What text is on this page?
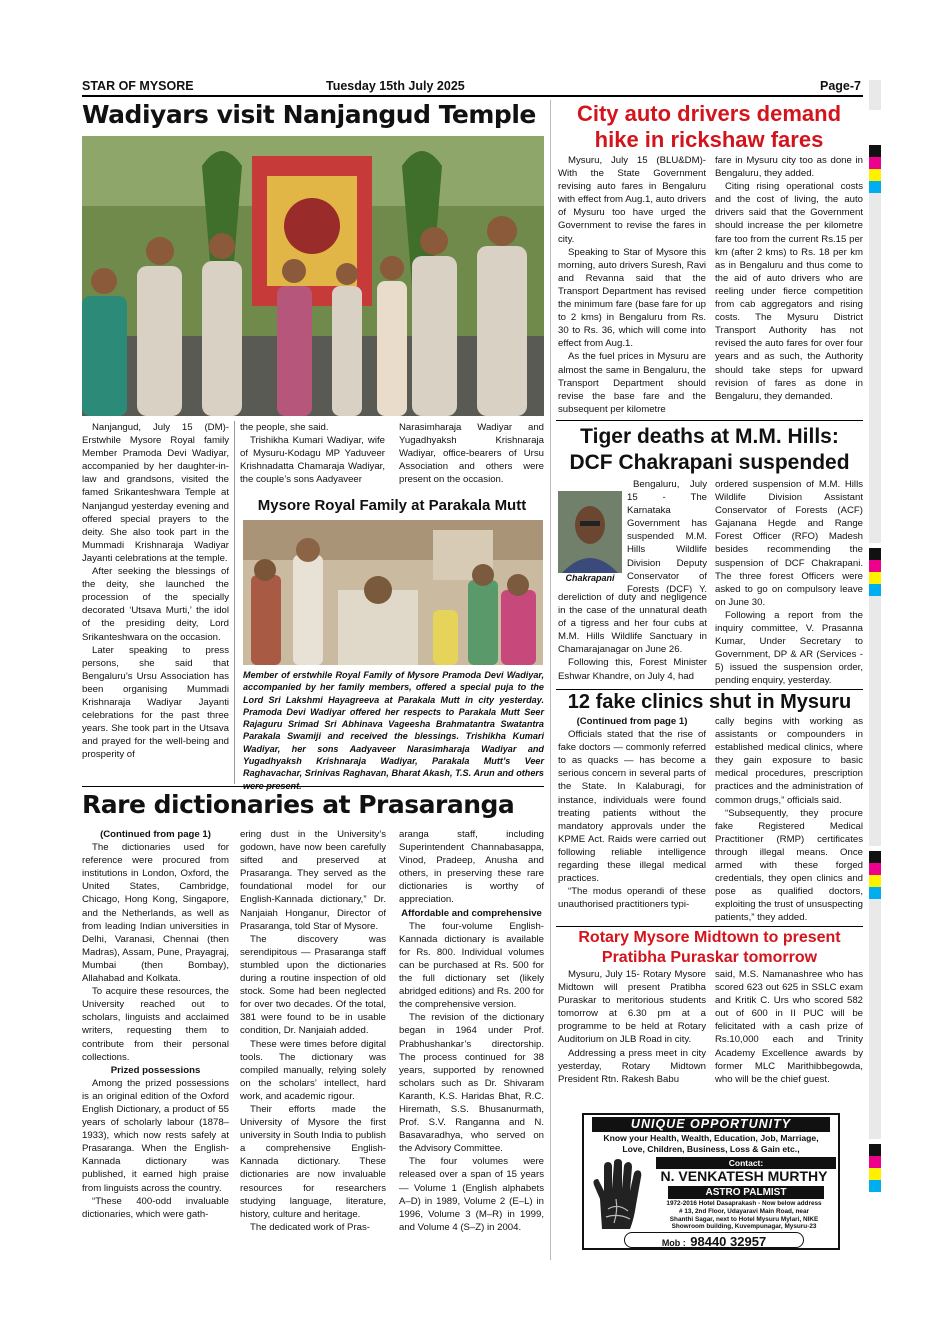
STAR OF MYSORE	Tuesday 15th July 2025	Page-7
Wadiyars visit Nanjangud Temple

Nanjangud, July 15 (DM)- Erstwhile Mysore Royal family Member Pramoda Devi Wadiyar, accompanied by her daughter-in-law and grandsons, visited the famed Srikanteshwara Temple at Nanjangud yesterday evening and offered special prayers to the deity. She also took part in the Mummadi Krishnaraja Wadiyar Jayanti celebrations at the temple.

After seeking the blessings of the deity, she launched the procession of the specially decorated ‘Utsava Murti,’ the idol of the presiding deity, Lord Srikanteshwara on the occasion.

Later speaking to press persons, she said that Bengaluru’s Ursu Association has been organising Mummadi Krishnaraja Wadiyar Jayanti celebrations for the past three years. She took part in the Utsava and prayed for the well-being and prosperity of

the people, she said.

Trishikha Kumari Wadiyar, wife of Mysuru-Kodagu MP Yaduveer Krishnadatta Chamaraja Wadiyar, the couple’s sons Aadyaveer

Narasimharaja Wadiyar and Yugadhyaksh Krishnaraja Wadiyar, office-bearers of Ursu Association and others were present on the occasion.

Mysore Royal Family at Parakala Mutt
Member of erstwhile Royal Family of Mysore Pramoda Devi Wadiyar, accompanied by her family members, offered a special puja to the Lord Sri Lakshmi Hayagreeva at Parakala Mutt in city yesterday. Pramoda Devi Wadiyar offered her respects to Parakala Mutt Seer Rajaguru Srimad Sri Abhinava Vageesha Brahmatantra Swatantra Parakala Swamiji and received the blessings. Trishikha Kumari Wadiyar, her sons Aadyaveer Narasimharaja Wadiyar and Yugadhyaksh Krishnaraja Wadiyar, Parakala Mutt’s Veer Raghavachar, Srinivas Raghavan, Bharat Akash, T.S. Arun and others
City auto drivers demand hike in rickshaw fares

Mysuru, July 15 (BLU&DM)- With the State Government revising auto fares in Bengaluru with effect from Aug.1, auto drivers of Mysuru too have urged the Government to revise the fares in city.

Speaking to Star of Mysore this morning, auto drivers Suresh, Ravi and Revanna said that the Transport Department has revised the minimum fare (base fare for up to 2 kms) in Bengaluru from Rs. 30 to Rs. 36, which will come into effect from Aug.1.

As the fuel prices in Mysuru are almost the same in Bengaluru, the Transport Department should revise the base fare and the subsequent per kilometre

fare in Mysuru city too as done in Bengaluru, they added.

Citing rising operational costs and the cost of living, the auto drivers said that the Government should increase the per kilometre fare too from the current Rs.15 per km (after 2 kms) to Rs. 18 per km as in Bengaluru and thus come to the aid of auto drivers who are reeling under fierce competition from cab aggregators and rising costs. The Mysuru District Transport Authority has not revised the auto fares for over four years and as such, the Authority should take steps for upward revision of fares as done in Bengaluru, they demanded.

Tiger deaths at M.M. Hills:
DCF Chakrapani suspended
Chakrapani

Bengaluru, July 15 - The Karnataka Government has suspended M.M. Hills Wildlife Division Deputy Conservator of Forests (DCF) Y.

dereliction of duty and negligence in the case of the unnatural death of a tigress and her four cubs at M.M. Hills Wildlife Sanctuary in Chamarajanagar on June 26.

Following this, Forest Minister Eshwar Khandre, on July 4, had

ordered suspension of M.M. Hills Wildlife Division Assistant Conservator of Forests (ACF) Gajanana Hegde and Range Forest Officer (RFO) Madesh besides recommending the suspension of DCF Chakrapani. The three forest Officers were asked to go on compulsory leave on June 30.

Following a report from the inquiry committee, V. Prasanna Kumar, Under Secretary to Government, DP & AR (Services - 5) issued the suspension order, pending enquiry, yesterday.

12 fake clinics shut in Mysuru

(Continued from page 1)

Officials stated that the rise of fake doctors — commonly referred to as quacks — has become a serious concern in several parts of the State. In Kalaburagi, for instance, individuals were found treating patients without the mandatory approvals under the KPME Act. Raids were carried out following reliable intelligence regarding these illegal medical practices.

“The modus operandi of these unauthorised practitioners typi-

cally begins with working as assistants or compounders in established medical clinics, where they gain exposure to basic medical procedures, prescription practices and the administration of common drugs,” officials said.

“Subsequently, they procure fake Registered Medical Practitioner (RMP) certificates through illegal means. Once armed with these forged credentials, they open clinics and pose as qualified doctors, exploiting the trust of unsuspecting patients,” they added.

Rotary Mysore Midtown to present Pratibha Puraskar tomorrow

Mysuru, July 15- Rotary Mysore Midtown will present Pratibha Puraskar to meritorious students tomorrow at 6.30 pm at a programme to be held at Rotary Auditorium on JLB Road in city.

Addressing a press meet in city yesterday, Rotary Midtown President Rtn. Rakesh Babu

said, M.S. Namanashree who has scored 623 out 625 in SSLC exam and Kritik C. Urs who scored 582 out of 600 in II PUC will be felicitated with a cash prize of Rs.10,000 each and Trinity Academy Excellence awards by former MLC Marithibbegowda, who will be the chief guest.

UNIQUE OPPORTUNITY
Know your Health, Wealth, Education, Job, Marriage,
Love, Children, Business, Loss & Gain etc.,
Contact:
N. VENKATESH MURTHY
ASTRO PALMIST
1972-2016 Hotel Dasaprakash - Now below address
# 13, 2nd Floor, Udayaravi Main Road, near
Shanthi Sagar, next to Hotel Mysuru Mylari, NIKE
Showroom building, Kuvempunagar, Mysuru-23
Mob : 98440 32957
Rare dictionaries at Prasaranga

(Continued from page 1)

The dictionaries used for reference were procured from institutions in London, Oxford, the United States, Cambridge, Chicago, Hong Kong, Singapore, and the Netherlands, as well as from leading Indian universities in Delhi, Varanasi, Chennai (then Madras), Assam, Pune, Prayagraj, Mumbai (then Bombay), Allahabad and Kolkata.

To acquire these resources, the University reached out to scholars, linguists and acclaimed writers, requesting them to contribute from their personal collections.

Prized possessions

Among the prized possessions is an original edition of the Oxford English Dictionary, a product of 55 years of scholarly labour (1878–1933), which now rests safely at Prasaranga. When the English-Kannada dictionary was published, it earned high praise from linguists across the country.

“These 400-odd invaluable dictionaries, which were gath-

ering dust in the University’s godown, have now been carefully sifted and preserved at Prasaranga. They served as the foundational model for our English-Kannada dictionary,” Dr. Nanjaiah Honganur, Director of Prasaranga, told Star of Mysore.

The discovery was serendipitous — Prasaranga staff stumbled upon the dictionaries during a routine inspection of old stock. Some had been neglected for over two decades. Of the total, 381 were found to be in usable condition, Dr. Nanjaiah added.

These were times before digital tools. The dictionary was compiled manually, relying solely on the scholars’ intellect, hard work, and academic rigour.

Their efforts made the University of Mysore the first university in South India to publish a comprehensive English-Kannada dictionary. These dictionaries are now invaluable resources for researchers studying language, literature, history, culture and heritage.

The dedicated work of Pras-

aranga staff, including Superintendent Channabasappa, Vinod, Pradeep, Anusha and others, in preserving these rare dictionaries is worthy of appreciation.

Affordable and comprehensive

The four-volume English-Kannada dictionary is available for Rs. 800. Individual volumes can be purchased at Rs. 500 for the full dictionary set (likely abridged editions) and Rs. 200 for the comprehensive version.

The revision of the dictionary began in 1964 under Prof. Prabhushankar’s directorship. The process continued for 38 years, supported by renowned scholars such as Dr. Shivaram Karanth, K.S. Haridas Bhat, R.C. Hiremath, S.S. Bhusanurmath, Prof. S.V. Ranganna and N. Basavaradhya, who served on the Advisory Committee.

The four volumes were released over a span of 15 years — Volume 1 (English alphabets A–D) in 1989, Volume 2 (E–L) in 1996, Volume 3 (M–R) in 1999, and Volume 4 (S–Z) in 2004.
